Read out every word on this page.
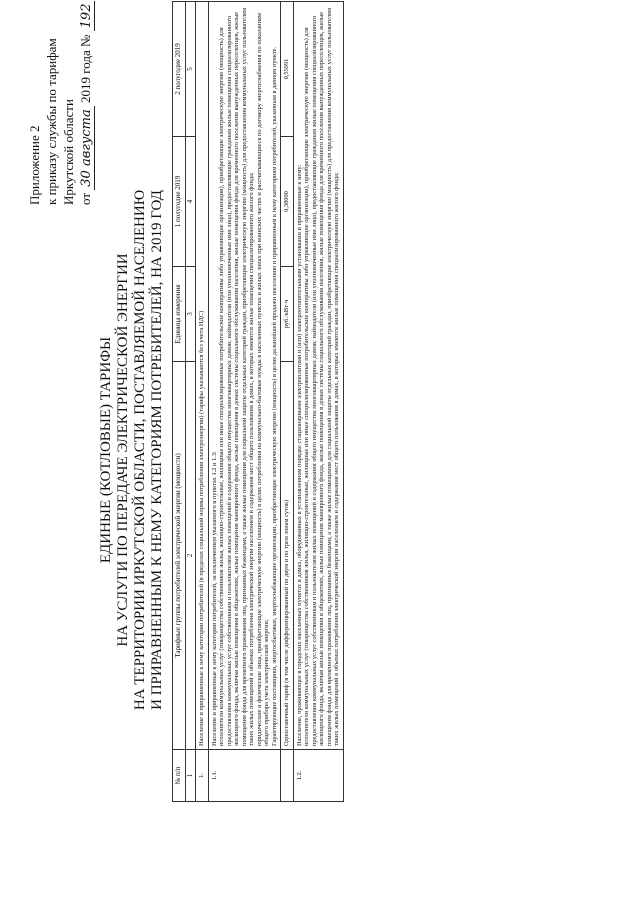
Приложение 2 к приказу службы по тарифам Иркутской области от 30 августа 2019 года № 192
ЕДИНЫЕ (КОТЛОВЫЕ) ТАРИФЫ НА УСЛУГИ ПО ПЕРЕДАЧЕ ЭЛЕКТРИЧЕСКОЙ ЭНЕРГИИ НА ТЕРРИТОРИИ ИРКУТСКОЙ ОБЛАСТИ, ПОСТАВЛЯЕМОЙ НАСЕЛЕНИЮ И ПРИРАВНЕННЫМ К НЕМУ КАТЕГОРИЯМ ПОТРЕБИТЕЛЕЙ, НА 2019 ГОД
№ п/п	Тарифные группы потребителей электрической энергии (мощности)	Единица измерения	1 полугодие 2019	2 полугодие 2019
1	2	3	4	5
1.	Население и приравненные к нему категории потребителей (в пределах социальной нормы потребления электроэнергии) (тарифы указываются без учета НДС)			
1.1.	Население и приравненные к нему категории потребителей, за исключением указанного в пунктах 1.2 и 1.3: исполнители коммунальных услуг (товарищества собственников жилья, жилищно-строительные, жилищные или иные специализированные потребительские кооперативы либо управляющие организации), приобретающие электрическую энергию (мощность) для предоставления коммунальных услуг собственникам и пользователям жилых помещений и содержания общего имущества многоквартирных домов; наймодатели (или уполномоченные ими лица), предоставляющие гражданам жилые помещения специализированного жилищного фонда, включая жилые помещения в общежитиях, жилые помещения маневренного фонда, жилые помещения в домах системы социального обслуживания населения, жилые помещения фонда для временного поселения вынужденных переселенцев, жилые помещения фонда для временного проживания лиц, признанных беженцами, а также жилые помещения для социальной защиты отдельных категорий граждан, приобретающие электрическую энергию (мощность) для предоставления коммунальных услуг пользователям таких жилых помещений в объемах потребления электрической энергии населением и содержания мест общего пользования в домах, в которых имеются жилые помещения специализированного жилого фонда; юридические и физические лица, приобретающие электрическую энергию (мощность) в целях потребления на коммунально-бытовые нужды в населенных пунктах и жилых зонах при воинских частях и рассчитывающиеся по договору энергоснабжения по показаниям общего прибора учета электрической энергии; Гарантирующие поставщики, энергосбытовые, энергоснабжающие организации, приобретающие электрическую энергию (мощность) в целях дальнейшей продажи населению и приравненным к нему категориям потребителей, указанным в данном пункте.			

	Одноставочный тариф (в том числе дифференцированный по двум и по трем зонам суток)	руб./кВт·ч	0,38000	0,55991
1.2.	Население, проживающее в городских населенных пунктах в домах, оборудованных в установленном порядке стационарными электроплитами и (или) электроотопительными установками и приравненные к нему: исполнители коммунальных услуг (товарищества собственников жилья, жилищно-строительные, жилищные или иные специализированные потребительские кооперативы либо управляющие организации), приобретающие электрическую энергию (мощность) для предоставления коммунальных услуг собственникам и пользователям жилых помещений и содержания общего имущества многоквартирных домов; наймодатели (или уполномоченные ими лица), предоставляющие гражданам жилые помещения специализированного жилищного фонда, включая жилые помещения в общежитиях, жилые помещения маневренного фонда, жилые помещения в домах системы социального обслуживания населения, жилые помещения фонда для временного поселения вынужденных переселенцев, жилые помещения фонда для временного проживания лиц, признанных беженцами, а также жилые помещения для социальной защиты отдельных категорий граждан, приобретающие электрическую энергию (мощность) для предоставления коммунальных услуг пользователям таких жилых помещений в объемах потребления электрической энергии населением и содержания мест общего пользования в домах, в которых имеются жилые помещения специализированного жилого фонда;			
